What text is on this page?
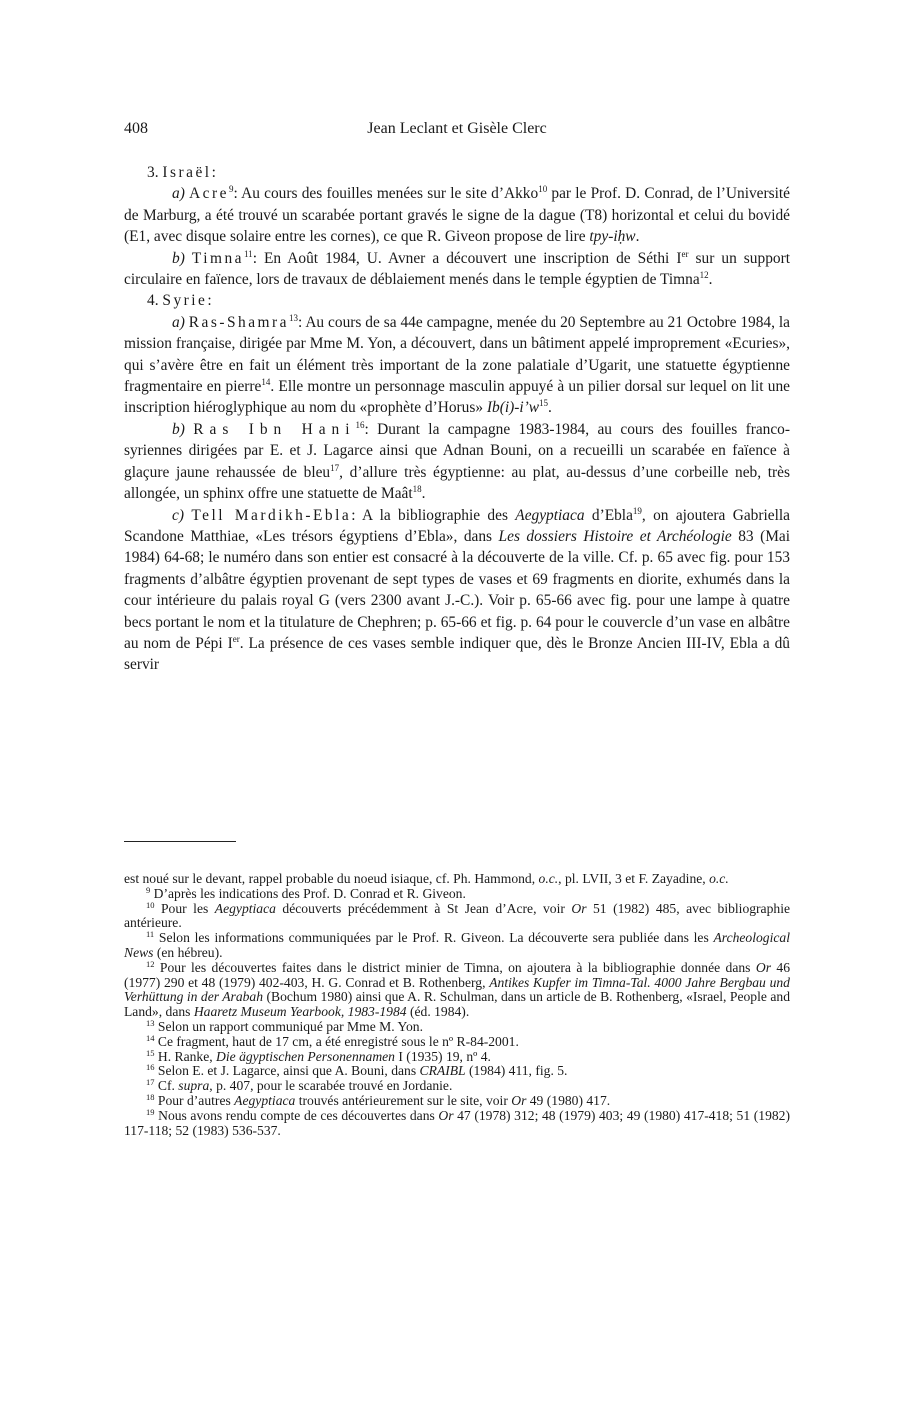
408	Jean Leclant et Gisèle Clerc

3. Israël:

a) Acre$^9$: Au cours des fouilles menées sur le site d’Akko$^{10}$ par le Prof. D. Conrad, de l’Université de Marburg, a été trouvé un scarabée portant gravés le signe de la dague (T8) horizontal et celui du bovidé (E1, avec disque solaire entre les cornes), ce que R. Giveon propose de lire tpy-iḥw.

b) Timna$^{11}$: En Août 1984, U. Avner a découvert une inscription de Séthi Ier sur un support circulaire en faïence, lors de travaux de déblaiement menés dans le temple égyptien de Timna$^{12}$.

4. Syrie:

a) Ras-Shamra$^{13}$: Au cours de sa 44e campagne, menée du 20 Septembre au 21 Octobre 1984, la mission française, dirigée par Mme M. Yon, a découvert, dans un bâtiment appelé improprement «Ecuries», qui s’avère être en fait un élément très important de la zone palatiale d’Ugarit, une statuette égyptienne fragmentaire en pierre$^{14}$. Elle montre un personnage masculin appuyé à un pilier dorsal sur lequel on lit une inscription hiéroglyphique au nom du «prophète d’Horus» $Ib(i)-i’w^{15}$.

b) Ras Ibn Hani$^{16}$: Durant la campagne 1983-1984, au cours des fouilles franco-syriennes dirigées par E. et J. Lagarce ainsi que Adnan Bouni, on a recueilli un scarabée en faïence à glaçure jaune rehaussée de bleu$^{17}$, d’allure très égyptienne: au plat, au-dessus d’une corbeille neb, très allongée, un sphinx offre une statuette de Maât$^{18}$.

c) Tell Mardikh-Ebla: A la bibliographie des Aegyptiaca d’Ebla$^{19}$, on ajoutera Gabriella Scandone Matthiae, «Les trésors égyptiens d’Ebla», dans Les dossiers Histoire et Archéologie 83 (Mai 1984) 64-68; le numéro dans son entier est consacré à la découverte de la ville. Cf. p. 65 avec fig. pour 153 fragments d’albâtre égyptien provenant de sept types de vases et 69 fragments en diorite, exhumés dans la cour intérieure du palais royal G (vers 2300 avant J.-C.). Voir p. 65-66 avec fig. pour une lampe à quatre becs portant le nom et la titulature de Chephren; p. 65-66 et fig. p. 64 pour le couvercle d’un vase en albâtre au nom de Pépi Ier. La présence de ces vases semble indiquer que, dès le Bronze Ancien III-IV, Ebla a dû servir

est noué sur le devant, rappel probable du noeud isiaque, cf. Ph. Hammond, o.c., pl. LVII, 3 et F. Zayadine, o.c.

$^9$ D’après les indications des Prof. D. Conrad et R. Giveon.

$^{10}$ Pour les Aegyptiaca découverts précédemment à St Jean d’Acre, voir Or 51 (1982) 485, avec bibliographie antérieure.

$^{11}$ Selon les informations communiquées par le Prof. R. Giveon. La découverte sera publiée dans les Archeological News (en hébreu).

$^{12}$ Pour les découvertes faites dans le district minier de Timna, on ajoutera à la bibliographie donnée dans Or 46 (1977) 290 et 48 (1979) 402-403, H. G. Conrad et B. Rothenberg, Antikes Kupfer im Timna-Tal. 4000 Jahre Bergbau und Verhüttung in der Arabah (Bochum 1980) ainsi que A. R. Schulman, dans un article de B. Rothenberg, «Israel, People and Land», dans Haaretz Museum Yearbook, 1983-1984 (éd. 1984).

$^{13}$ Selon un rapport communiqué par Mme M. Yon.

$^{14}$ Ce fragment, haut de 17 cm, a été enregistré sous le nº R-84-2001.

$^{15}$ H. Ranke, Die ägyptischen Personennamen I (1935) 19, nº 4.

$^{16}$ Selon E. et J. Lagarce, ainsi que A. Bouni, dans CRAIBL (1984) 411, fig. 5.

$^{17}$ Cf. supra, p. 407, pour le scarabée trouvé en Jordanie.

$^{18}$ Pour d’autres Aegyptiaca trouvés antérieurement sur le site, voir Or 49 (1980) 417.

$^{19}$ Nous avons rendu compte de ces découvertes dans Or 47 (1978) 312; 48 (1979) 403; 49 (1980) 417-418; 51 (1982) 117-118; 52 (1983) 536-537.
